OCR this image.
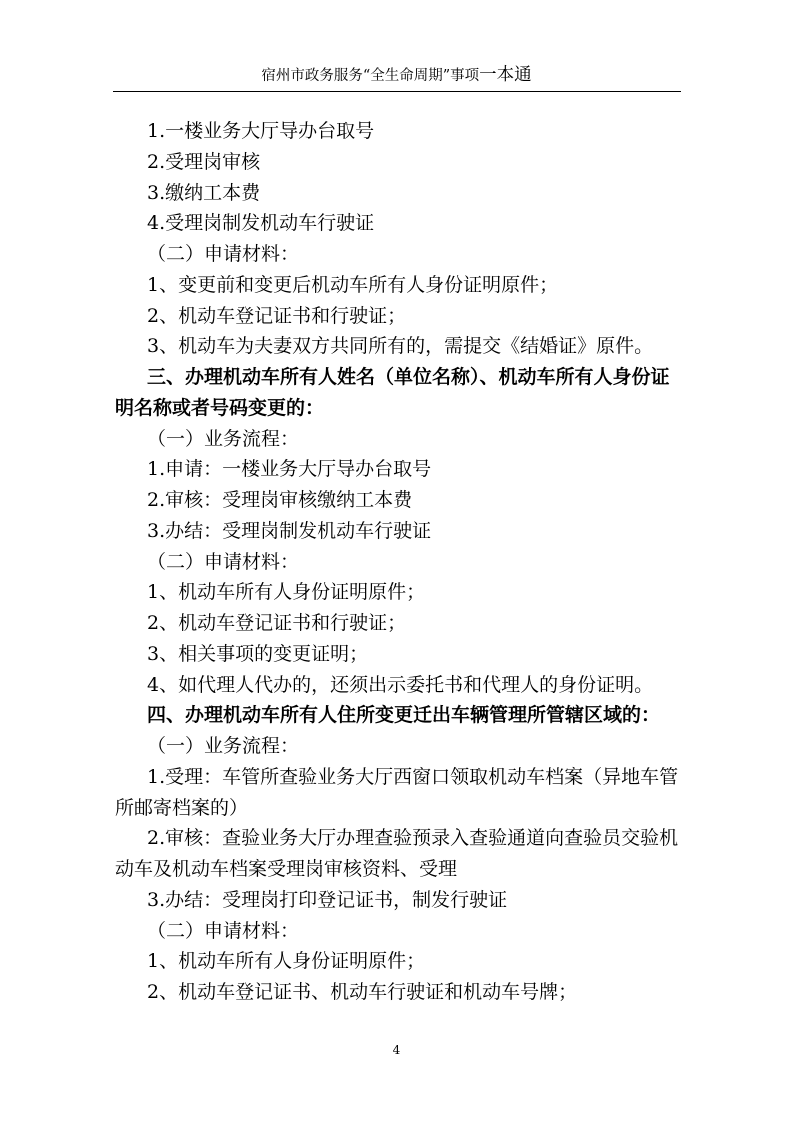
宿州市政务服务“全生命周期”事项一本通
1.一楼业务大厅导办台取号
2.受理岗审核
3.缴纳工本费
4.受理岗制发机动车行驶证
（二）申请材料：
1、变更前和变更后机动车所有人身份证明原件；
2、机动车登记证书和行驶证；
3、机动车为夫妻双方共同所有的，需提交《结婚证》原件。
三、办理机动车所有人姓名（单位名称）、机动车所有人身份证
明名称或者号码变更的：
（一）业务流程：
1.申请：一楼业务大厅导办台取号
2.审核：受理岗审核缴纳工本费
3.办结：受理岗制发机动车行驶证
（二）申请材料：
1、机动车所有人身份证明原件；
2、机动车登记证书和行驶证；
3、相关事项的变更证明；
4、如代理人代办的，还须出示委托书和代理人的身份证明。
四、办理机动车所有人住所变更迁出车辆管理所管辖区域的：
（一）业务流程：
1.受理：车管所查验业务大厅西窗口领取机动车档案（异地车管
所邮寄档案的）
2.审核：查验业务大厅办理查验预录入查验通道向查验员交验机
动车及机动车档案受理岗审核资料、受理
3.办结：受理岗打印登记证书，制发行驶证
（二）申请材料：
1、机动车所有人身份证明原件；
2、机动车登记证书、机动车行驶证和机动车号牌；
4
